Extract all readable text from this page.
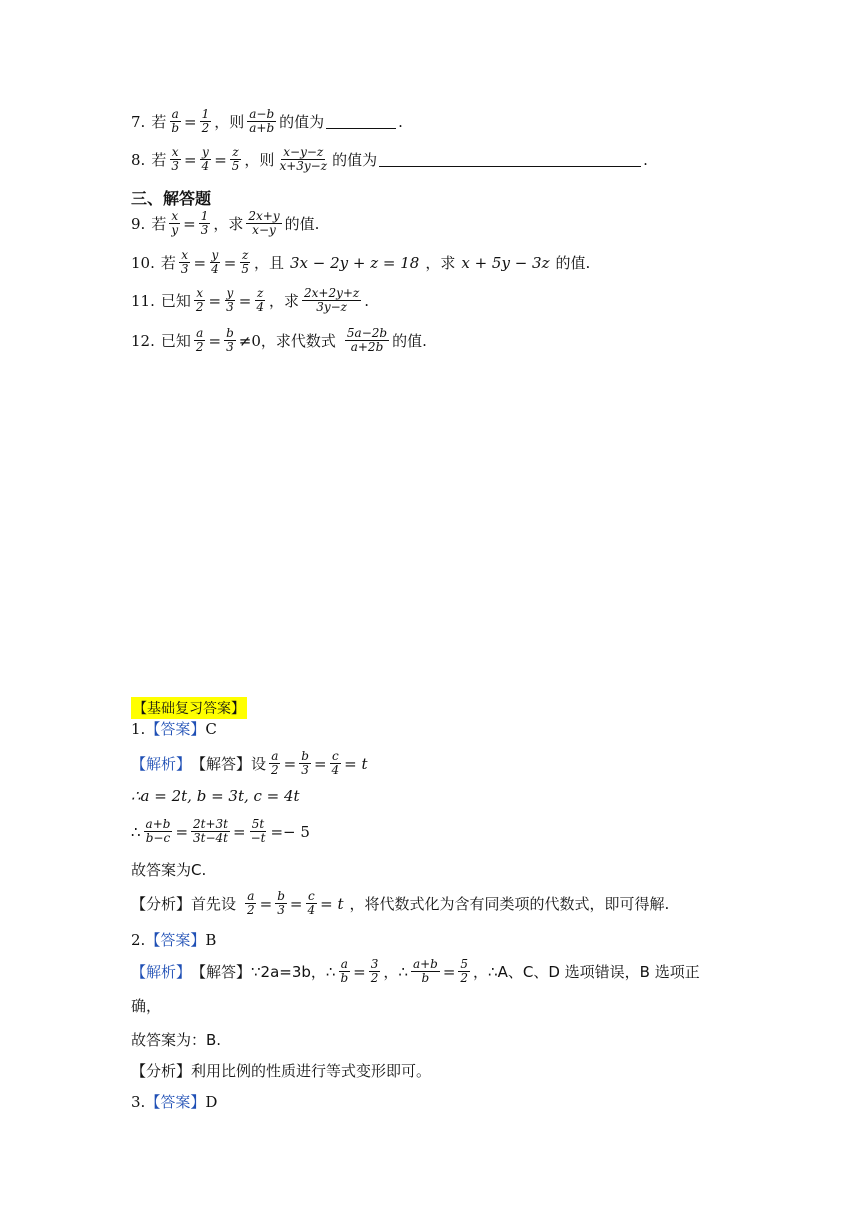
7. 若 $\frac{a}{b} = \frac{1}{2}$ ， 则 $\frac{a-b}{a+b}$ 的值为	.
8. 若 $\frac{x}{3} = \frac{y}{4} = \frac{z}{5}$ ， 则 $\frac{x-y-z}{x+3y-z}$ 的值为	.
三、解答题
9. 若 $\frac{x}{y} = \frac{1}{3}$ ， 求 $\frac{2x+y}{x-y}$ 的值.
10. 若 $\frac{x}{3} = \frac{y}{4} = \frac{z}{5}$ ， 且 3x − 2y + z = 18 ， 求 x + 5y − 3z 的值.
11. 已知 $\frac{x}{2} = \frac{y}{3} = \frac{z}{4}$ ， 求 $\frac{2x+2y+z}{3y-z}$ .
12. 已知 $\frac{a}{2} = \frac{b}{3} \ne 0$，求代数式 $\frac{5a-2b}{a+2b}$ 的值.
【基础复习答案】
1. 【答案】 C
【解析】 【解答】设 $\frac{a}{2} = \frac{b}{3} = \frac{c}{4} = t$
∴a = 2t, b = 3t, c = 4t
∴ $\frac{a+b}{b-c} = \frac{2t+3t}{3t-4t} = \frac{5t}{-t} =- 5$
故答案为C.
【分析】首先设 $\frac{a}{2} = \frac{b}{3} = \frac{c}{4} = t$ ，将代数式化为含有同类项的代数式，即可得解.
2. 【答案】 B
【解析】 【解答】∵2a=3b，∴ $\frac{a}{b} = \frac{3}{2}$ ，∴ $\frac{a+b}{b} = \frac{5}{2}$ ，∴A、C、D 选项错误，B 选项正
确，
故答案为：B.
【分析】利用比例的性质进行等式变形即可。
3. 【答案】 D
